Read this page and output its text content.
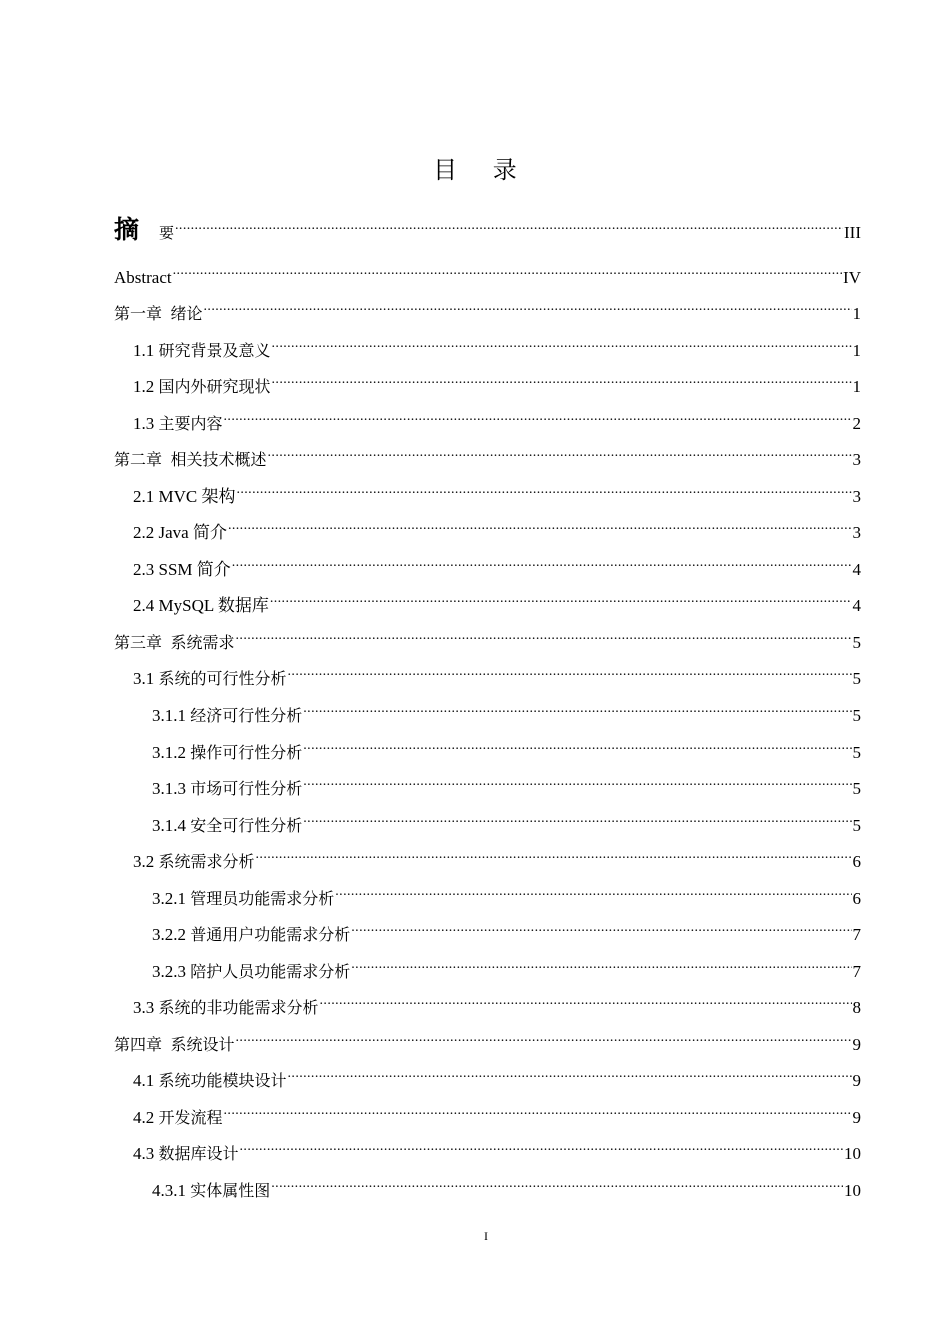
目 录
摘 要 .....	III
Abstract .....	IV
第一章 绪论 .....	1
1.1 研究背景及意义 .....	1
1.2 国内外研究现状 .....	1
1.3 主要内容 .....	2
第二章 相关技术概述 .....	3
2.1 MVC 架构 .....	3
2.2 Java 简介 .....	3
2.3 SSM 简介 .....	4
2.4 MySQL 数据库 .....	4
第三章 系统需求 .....	5
3.1 系统的可行性分析 .....	5
3.1.1 经济可行性分析 .....	5
3.1.2 操作可行性分析 .....	5
3.1.3 市场可行性分析 .....	5
3.1.4 安全可行性分析 .....	5
3.2 系统需求分析 .....	6
3.2.1 管理员功能需求分析 .....	6
3.2.2 普通用户功能需求分析 .....	7
3.2.3 陪护人员功能需求分析 .....	7
3.3 系统的非功能需求分析 .....	8
第四章 系统设计 .....	9
4.1 系统功能模块设计 .....	9
4.2 开发流程 .....	9
4.3 数据库设计 .....	10
4.3.1 实体属性图 .....	10
I
